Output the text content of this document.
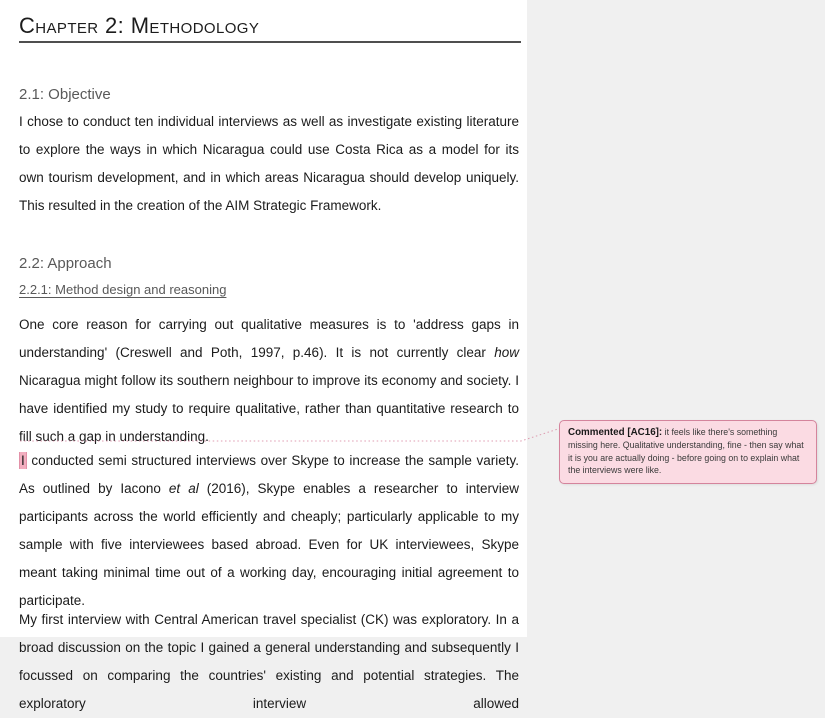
Chapter 2: Methodology
2.1: Objective

I chose to conduct ten individual interviews as well as investigate existing literature to explore the ways in which Nicaragua could use Costa Rica as a model for its own tourism development, and in which areas Nicaragua should develop uniquely. This resulted in the creation of the AIM Strategic Framework.

2.2: Approach
2.2.1: Method design and reasoning

One core reason for carrying out qualitative measures is to 'address gaps in understanding' (Creswell and Poth, 1997, p.46). It is not currently clear how Nicaragua might follow its southern neighbour to improve its economy and society. I have identified my study to require qualitative, rather than quantitative research to fill such a gap in understanding.

I conducted semi structured interviews over Skype to increase the sample variety. As outlined by Iacono et al (2016), Skype enables a researcher to interview participants across the world efficiently and cheaply; particularly applicable to my sample with five interviewees based abroad. Even for UK interviewees, Skype meant taking minimal time out of a working day, encouraging initial agreement to participate.

My first interview with Central American travel specialist (CK) was exploratory. In a broad discussion on the topic I gained a general understanding and subsequently I focussed on comparing the countries' existing and potential strategies. The exploratory interview allowed

Commented [AC16]: it feels like there's something missing here. Qualitative understanding, fine - then say what it is you are actually doing - before going on to explain what the interviews were like.
